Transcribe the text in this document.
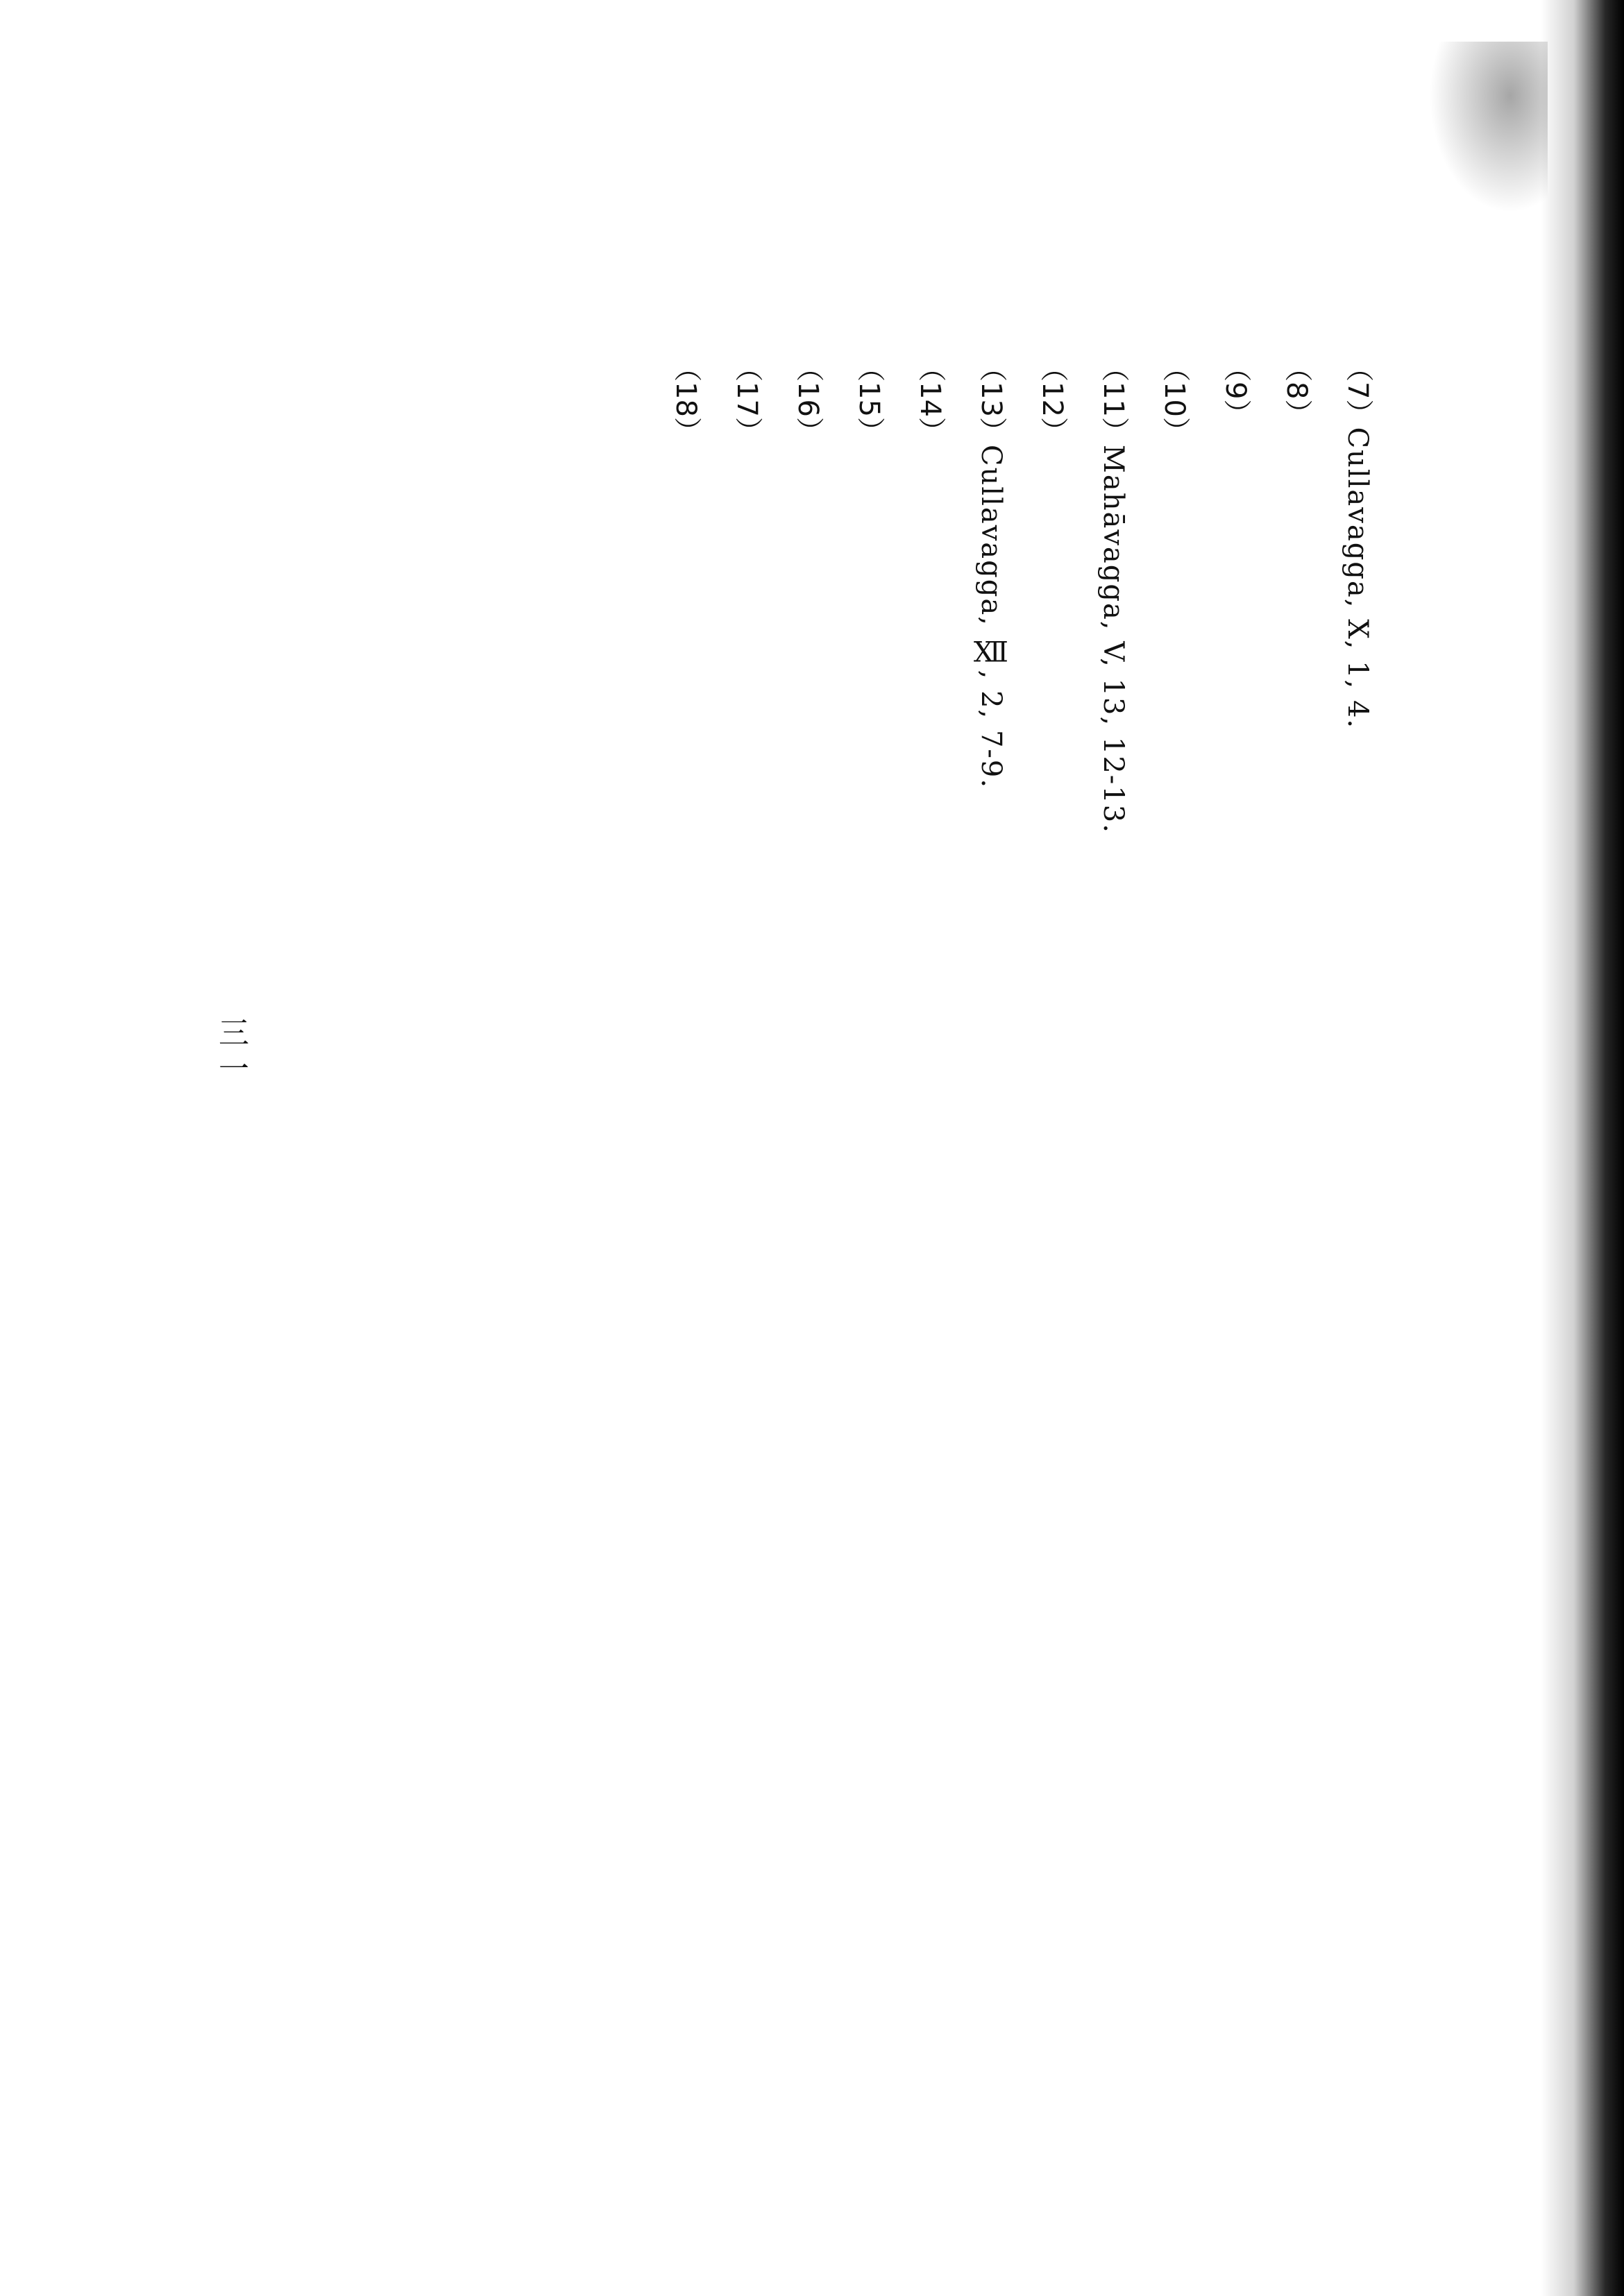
（7）Cullavagga, X, 1, 4.
（8）
（9）
（10）
（11）Mahāvagga, V, 13, 12-13.
（12）
（13）Cullavagga, Ⅻ, 2, 7-9.
（14）
（15）
（16）
（17）
（18）
三一
